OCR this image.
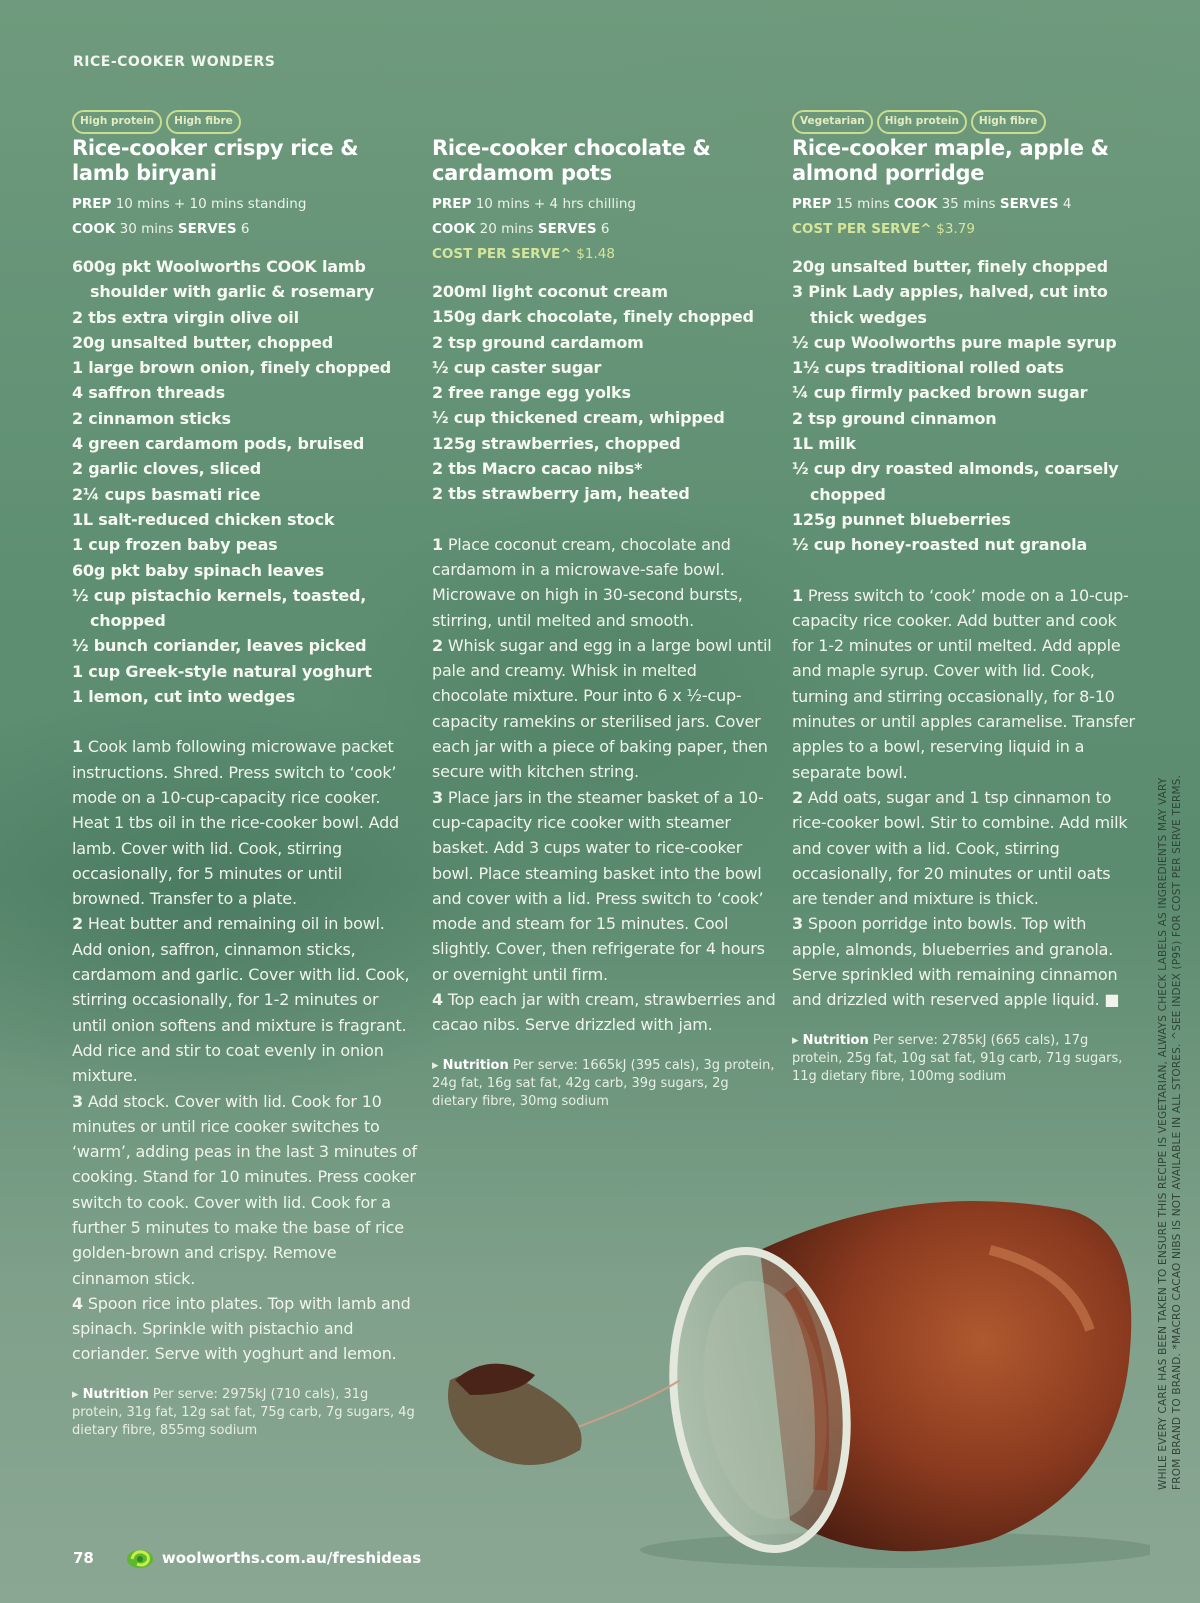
RICE-COOKER WONDERS
High protein	High fibre
Rice-cooker crispy rice & lamb biryani
PREP 10 mins + 10 mins standing
COOK 30 mins SERVES 6
600g pkt Woolworths COOK lamb shoulder with garlic & rosemary
2 tbs extra virgin olive oil
20g unsalted butter, chopped
1 large brown onion, finely chopped
4 saffron threads
2 cinnamon sticks
4 green cardamom pods, bruised
2 garlic cloves, sliced
2¼ cups basmati rice
1L salt-reduced chicken stock
1 cup frozen baby peas
60g pkt baby spinach leaves
½ cup pistachio kernels, toasted, chopped
½ bunch coriander, leaves picked
1 cup Greek-style natural yoghurt
1 lemon, cut into wedges
1 Cook lamb following microwave packet instructions. Shred. Press switch to ‘cook’ mode on a 10-cup-capacity rice cooker. Heat 1 tbs oil in the rice-cooker bowl. Add lamb. Cover with lid. Cook, stirring occasionally, for 5 minutes or until browned. Transfer to a plate.
2 Heat butter and remaining oil in bowl. Add onion, saffron, cinnamon sticks, cardamom and garlic. Cover with lid. Cook, stirring occasionally, for 1-2 minutes or until onion softens and mixture is fragrant. Add rice and stir to coat evenly in onion mixture.
3 Add stock. Cover with lid. Cook for 10 minutes or until rice cooker switches to ‘warm’, adding peas in the last 3 minutes of cooking. Stand for 10 minutes. Press cooker switch to cook. Cover with lid. Cook for a further 5 minutes to make the base of rice golden-brown and crispy. Remove cinnamon stick.
4 Spoon rice into plates. Top with lamb and spinach. Sprinkle with pistachio and coriander. Serve with yoghurt and lemon.
▸ Nutrition Per serve: 2975kJ (710 cals), 31g protein, 31g fat, 12g sat fat, 75g carb, 7g sugars, 4g dietary fibre, 855mg sodium
Rice-cooker chocolate & cardamom pots
PREP 10 mins + 4 hrs chilling
COOK 20 mins SERVES 6
COST PER SERVE^ $1.48
200ml light coconut cream
150g dark chocolate, finely chopped
2 tsp ground cardamom
½ cup caster sugar
2 free range egg yolks
½ cup thickened cream, whipped
125g strawberries, chopped
2 tbs Macro cacao nibs*
2 tbs strawberry jam, heated
1 Place coconut cream, chocolate and cardamom in a microwave-safe bowl. Microwave on high in 30-second bursts, stirring, until melted and smooth.
2 Whisk sugar and egg in a large bowl until pale and creamy. Whisk in melted chocolate mixture. Pour into 6 x ½-cup-capacity ramekins or sterilised jars. Cover each jar with a piece of baking paper, then secure with kitchen string.
3 Place jars in the steamer basket of a 10-cup-capacity rice cooker with steamer basket. Add 3 cups water to rice-cooker bowl. Place steaming basket into the bowl and cover with a lid. Press switch to ‘cook’ mode and steam for 15 minutes. Cool slightly. Cover, then refrigerate for 4 hours or overnight until firm.
4 Top each jar with cream, strawberries and cacao nibs. Serve drizzled with jam.
▸ Nutrition Per serve: 1665kJ (395 cals), 3g protein, 24g fat, 16g sat fat, 42g carb, 39g sugars, 2g dietary fibre, 30mg sodium
Vegetarian	High protein	High fibre
Rice-cooker maple, apple & almond porridge
PREP 15 mins COOK 35 mins SERVES 4
COST PER SERVE^ $3.79
20g unsalted butter, finely chopped
3 Pink Lady apples, halved, cut into thick wedges
½ cup Woolworths pure maple syrup
1½ cups traditional rolled oats
¼ cup firmly packed brown sugar
2 tsp ground cinnamon
1L milk
½ cup dry roasted almonds, coarsely chopped
125g punnet blueberries
½ cup honey-roasted nut granola
1 Press switch to ‘cook’ mode on a 10-cup-capacity rice cooker. Add butter and cook for 1-2 minutes or until melted. Add apple and maple syrup. Cover with lid. Cook, turning and stirring occasionally, for 8-10 minutes or until apples caramelise. Transfer apples to a bowl, reserving liquid in a separate bowl.
2 Add oats, sugar and 1 tsp cinnamon to rice-cooker bowl. Stir to combine. Add milk and cover with a lid. Cook, stirring occasionally, for 20 minutes or until oats are tender and mixture is thick.
3 Spoon porridge into bowls. Top with apple, almonds, blueberries and granola. Serve sprinkled with remaining cinnamon and drizzled with reserved apple liquid. ■
▸ Nutrition Per serve: 2785kJ (665 cals), 17g protein, 25g fat, 10g sat fat, 91g carb, 71g sugars, 11g dietary fibre, 100mg sodium	WHILE EVERY CARE HAS BEEN TAKEN TO ENSURE THIS RECIPE IS VEGETARIAN, ALWAYS CHECK LABELS AS INGREDIENTS MAY VARY FROM BRAND TO BRAND. *MACRO CACAO NIBS IS NOT AVAILABLE IN ALL STORES. ^SEE INDEX (P95) FOR COST PER SERVE TERMS.
78	woolworths.com.au/freshideas
